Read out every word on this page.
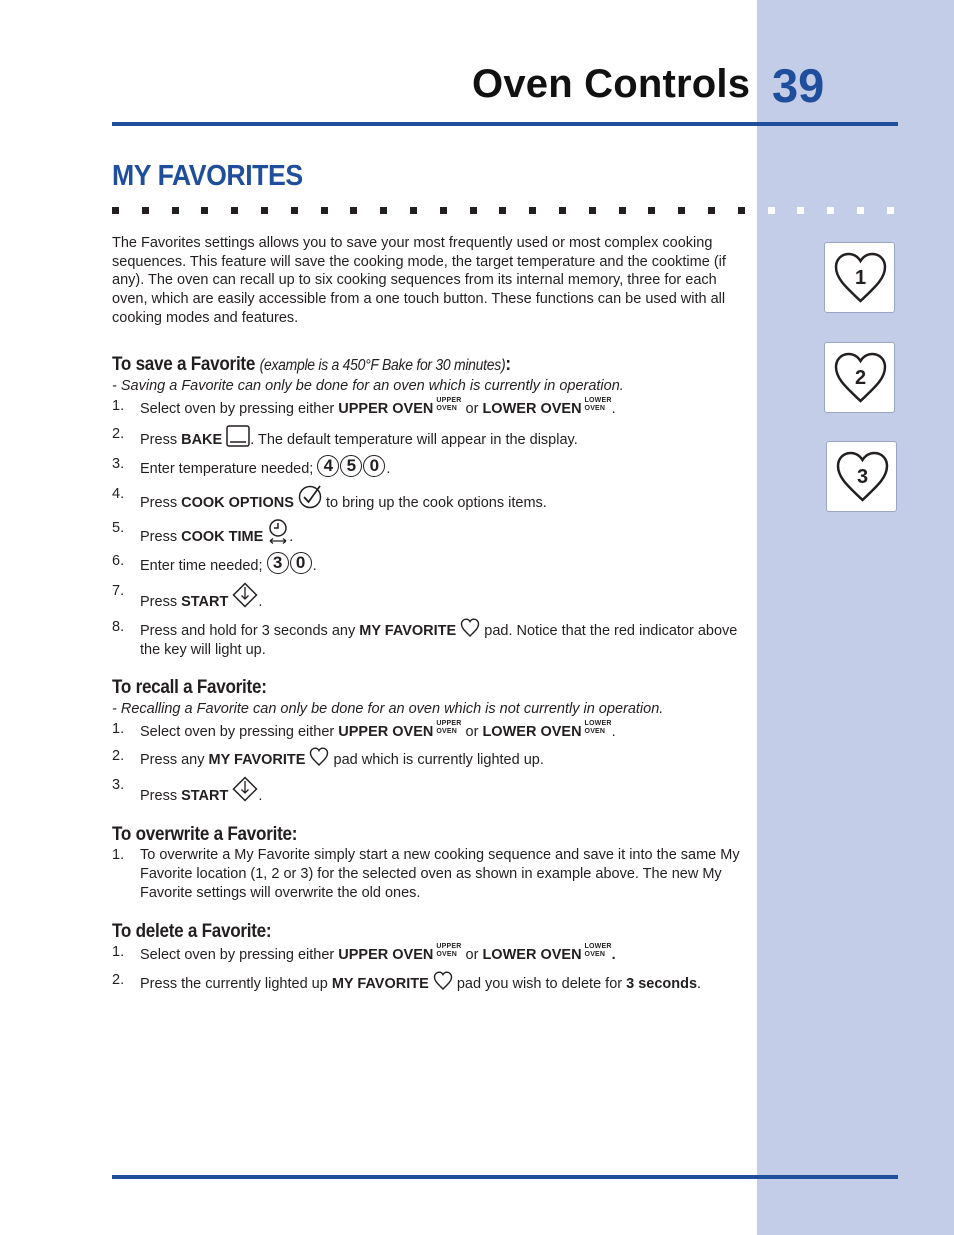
Oven Controls 39
MY FAVORITES

The Favorites settings allows you to save your most frequently used or most complex cooking sequences. This feature will save the cooking mode, the target temperature and the cooktime (if any). The oven can recall up to six cooking sequences from its internal memory, three for each oven, which are easily accessible from a one touch button. These functions can be used with all cooking modes and features.

To save a Favorite (example is a 450°F Bake for 30 minutes):

- Saving a Favorite can only be done for an oven which is currently in operation.

1. Select oven by pressing either UPPER OVENUPPER
OVEN or LOWER OVENLOWER
OVEN .
2. Press BAKE . The default temperature will appear in the display.
3. Enter temperature needed; 4 5 0 .
4.
Press COOK OPTIONS  to bring up the cook options items.
5.
Press COOK TIME .
6. Enter time needed; 3 0 .
7.
Press START .
8. Press and hold for 3 seconds any MY FAVORITE  pad. Notice that the red indicator above the key will light up.

To recall a Favorite:

- Recalling a Favorite can only be done for an oven which is not currently in operation.

1. Select oven by pressing either UPPER OVENUPPER
OVEN or LOWER OVENLOWER
OVEN .
2. Press any MY FAVORITE  pad which is currently lighted up.
3.
Press START .

To overwrite a Favorite:

1. To overwrite a My Favorite simply start a new cooking sequence and save it into the same My Favorite location (1, 2 or 3) for the selected oven as shown in example above. The new My Favorite settings will overwrite the old ones.

To delete a Favorite:

1. Select oven by pressing either UPPER OVENUPPER
OVEN or LOWER OVENLOWER
OVEN .
2. Press the currently lighted up MY FAVORITE  pad you wish to delete for 3 seconds.
1
2
3
